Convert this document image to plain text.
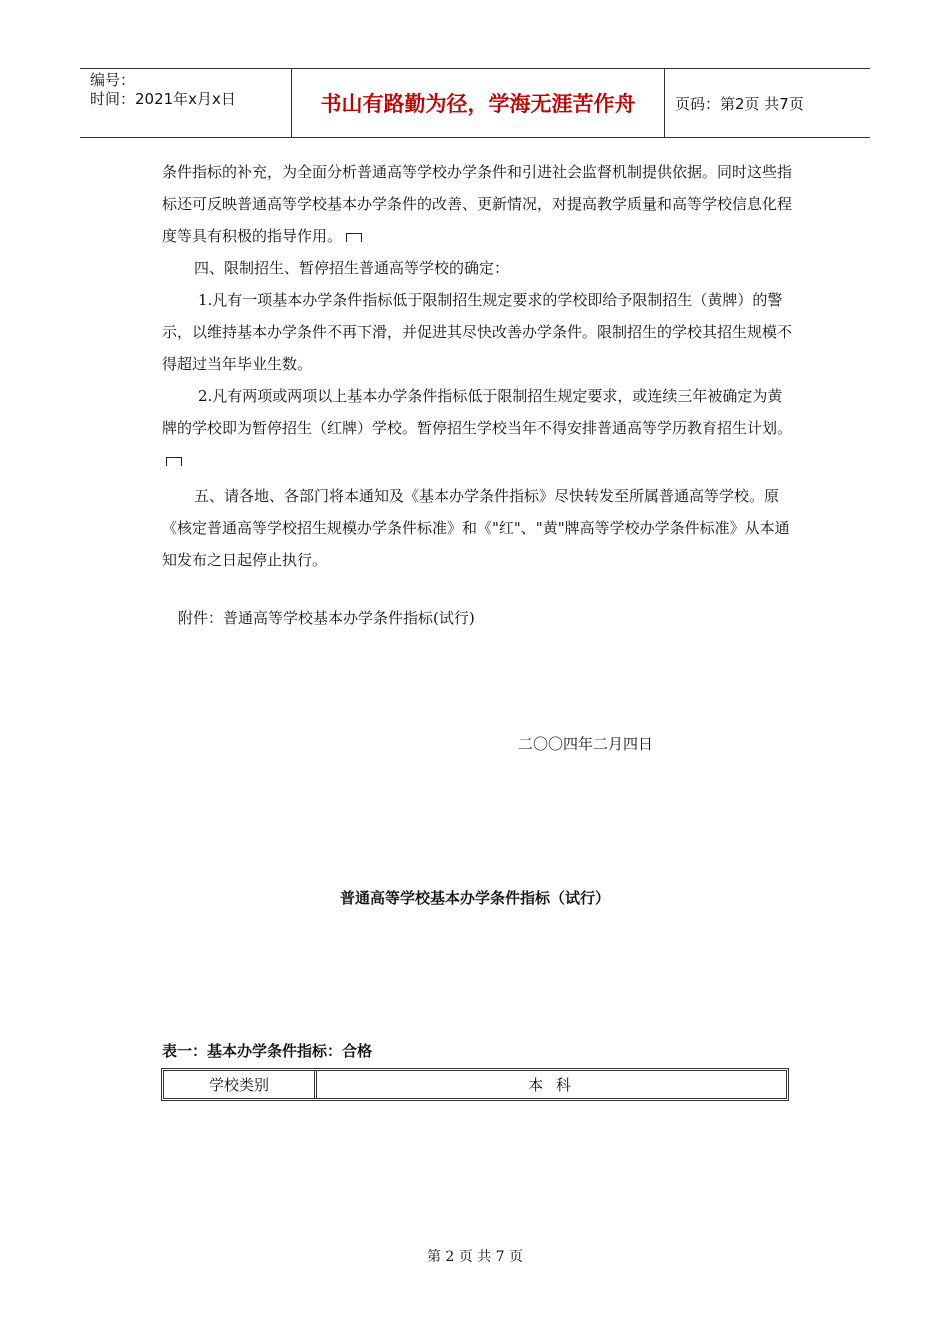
编号：
时间：2021年x月x日	书山有路勤为径，学海无涯苦作舟	页码：第2页 共7页

条件指标的补充，为全面分析普通高等学校办学条件和引进社会监督机制提供依据。同时这些指标还可反映普通高等学校基本办学条件的改善、更新情况，对提高教学质量和高等学校信息化程度等具有积极的指导作用。

四、限制招生、暂停招生普通高等学校的确定：

1.凡有一项基本办学条件指标低于限制招生规定要求的学校即给予限制招生（黄牌）的警示，以维持基本办学条件不再下滑，并促进其尽快改善办学条件。限制招生的学校其招生规模不得超过当年毕业生数。

2.凡有两项或两项以上基本办学条件指标低于限制招生规定要求，或连续三年被确定为黄牌的学校即为暂停招生（红牌）学校。暂停招生学校当年不得安排普通高等学历教育招生计划。

五、请各地、各部门将本通知及《基本办学条件指标》尽快转发至所属普通高等学校。原《核定普通高等学校招生规模办学条件标准》和《"红"、"黄"牌高等学校办学条件标准》从本通知发布之日起停止执行。

附件：普通高等学校基本办学条件指标(试行)
二〇〇四年二月四日
普通高等学校基本办学条件指标（试行）
表一：基本办学条件指标：合格
学校类别	本 科
第 2 页 共 7 页
